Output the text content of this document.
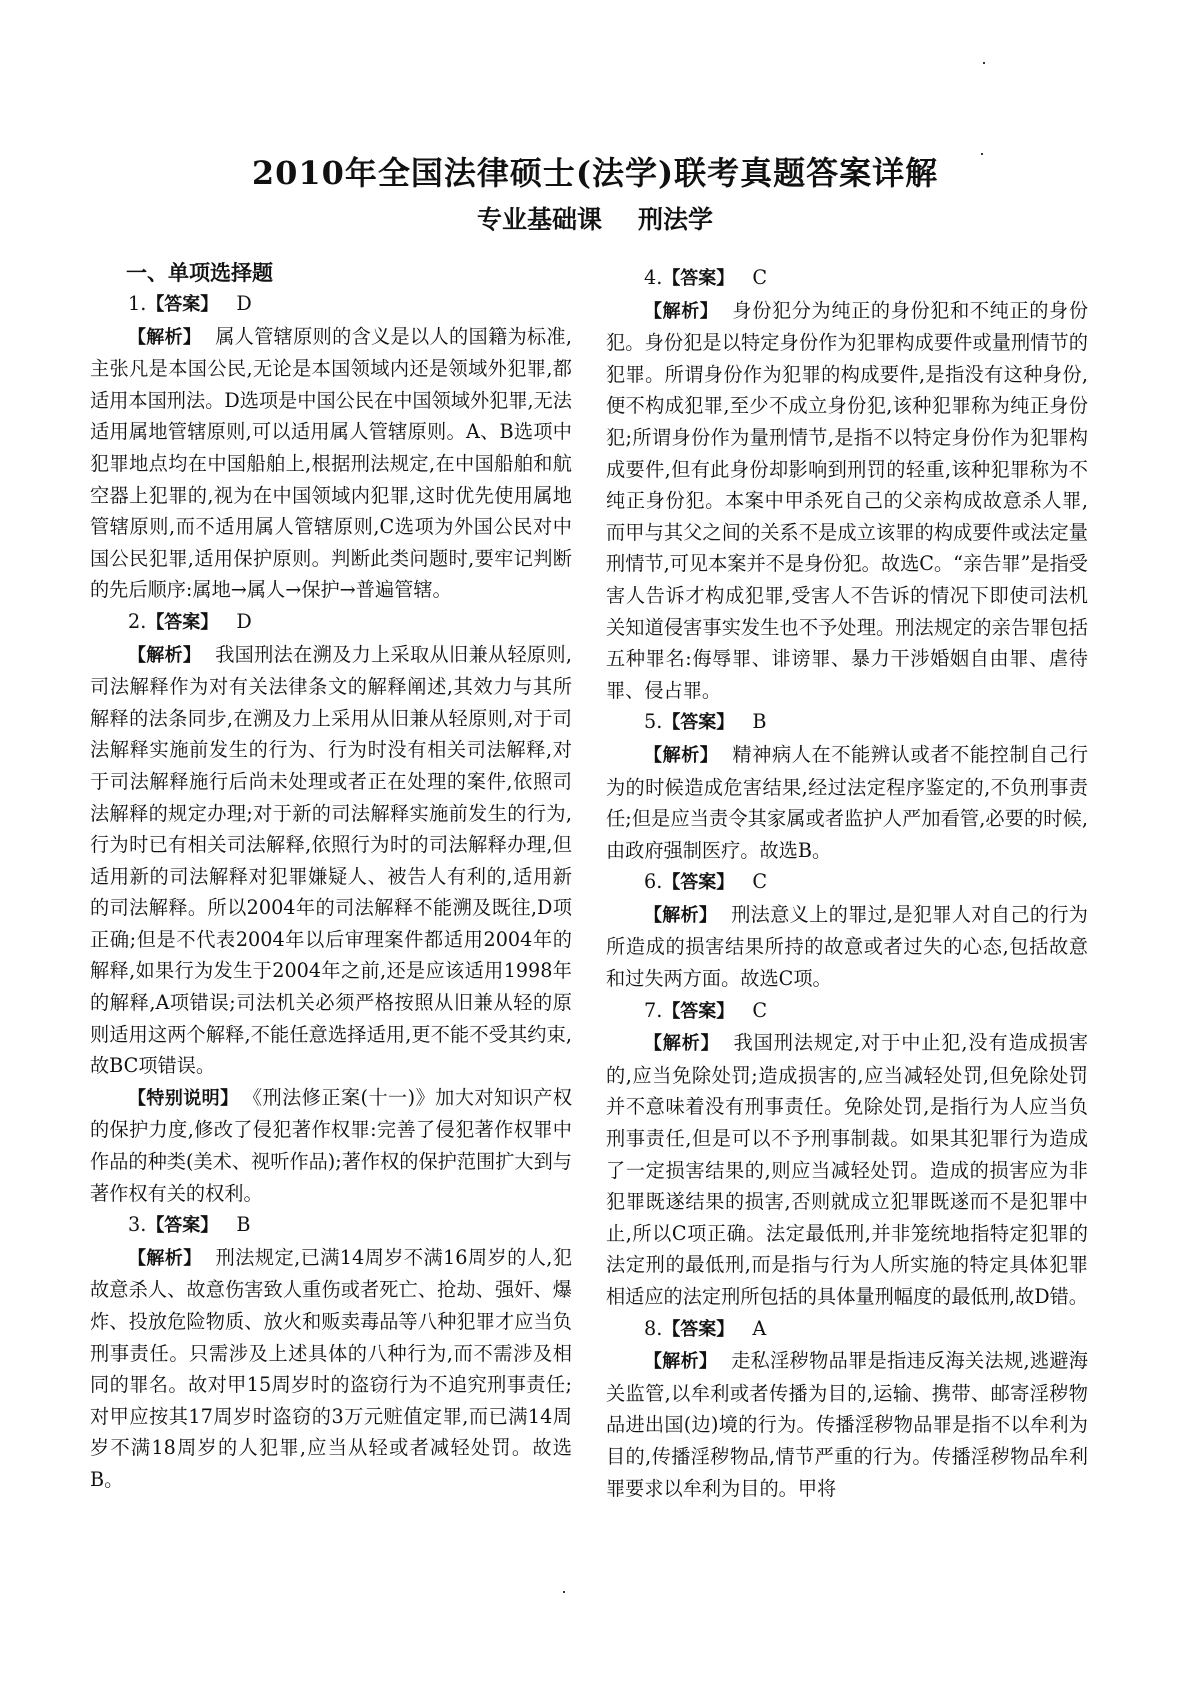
2010年全国法律硕士(法学)联考真题答案详解
专业基础课 刑法学
一、单项选择题
1.【答案】 D

【解析】 属人管辖原则的含义是以人的国籍为标准,主张凡是本国公民,无论是本国领域内还是领域外犯罪,都适用本国刑法。D选项是中国公民在中国领域外犯罪,无法适用属地管辖原则,可以适用属人管辖原则。A、B选项中犯罪地点均在中国船舶上,根据刑法规定,在中国船舶和航空器上犯罪的,视为在中国领域内犯罪,这时优先使用属地管辖原则,而不适用属人管辖原则,C选项为外国公民对中国公民犯罪,适用保护原则。判断此类问题时,要牢记判断的先后顺序:属地→属人→保护→普遍管辖。

2.【答案】 D

【解析】 我国刑法在溯及力上采取从旧兼从轻原则,司法解释作为对有关法律条文的解释阐述,其效力与其所解释的法条同步,在溯及力上采用从旧兼从轻原则,对于司法解释实施前发生的行为、行为时没有相关司法解释,对于司法解释施行后尚未处理或者正在处理的案件,依照司法解释的规定办理;对于新的司法解释实施前发生的行为,行为时已有相关司法解释,依照行为时的司法解释办理,但适用新的司法解释对犯罪嫌疑人、被告人有利的,适用新的司法解释。所以2004年的司法解释不能溯及既往,D项正确;但是不代表2004年以后审理案件都适用2004年的解释,如果行为发生于2004年之前,还是应该适用1998年的解释,A项错误;司法机关必须严格按照从旧兼从轻的原则适用这两个解释,不能任意选择适用,更不能不受其约束,故BC项错误。

【特别说明】 《刑法修正案(十一)》加大对知识产权的保护力度,修改了侵犯著作权罪:完善了侵犯著作权罪中作品的种类(美术、视听作品);著作权的保护范围扩大到与著作权有关的权利。

3.【答案】 B

【解析】 刑法规定,已满14周岁不满16周岁的人,犯故意杀人、故意伤害致人重伤或者死亡、抢劫、强奸、爆炸、投放危险物质、放火和贩卖毒品等八种犯罪才应当负刑事责任。只需涉及上述具体的八种行为,而不需涉及相同的罪名。故对甲15周岁时的盗窃行为不追究刑事责任;对甲应按其17周岁时盗窃的3万元赃值定罪,而已满14周岁不满18周岁的人犯罪,应当从轻或者减轻处罚。故选B。

4.【答案】 C

【解析】 身份犯分为纯正的身份犯和不纯正的身份犯。身份犯是以特定身份作为犯罪构成要件或量刑情节的犯罪。所谓身份作为犯罪的构成要件,是指没有这种身份,便不构成犯罪,至少不成立身份犯,该种犯罪称为纯正身份犯;所谓身份作为量刑情节,是指不以特定身份作为犯罪构成要件,但有此身份却影响到刑罚的轻重,该种犯罪称为不纯正身份犯。本案中甲杀死自己的父亲构成故意杀人罪,而甲与其父之间的关系不是成立该罪的构成要件或法定量刑情节,可见本案并不是身份犯。故选C。“亲告罪”是指受害人告诉才构成犯罪,受害人不告诉的情况下即使司法机关知道侵害事实发生也不予处理。刑法规定的亲告罪包括五种罪名:侮辱罪、诽谤罪、暴力干涉婚姻自由罪、虐待罪、侵占罪。

5.【答案】 B

【解析】 精神病人在不能辨认或者不能控制自己行为的时候造成危害结果,经过法定程序鉴定的,不负刑事责任;但是应当责令其家属或者监护人严加看管,必要的时候,由政府强制医疗。故选B。

6.【答案】 C

【解析】 刑法意义上的罪过,是犯罪人对自己的行为所造成的损害结果所持的故意或者过失的心态,包括故意和过失两方面。故选C项。

7.【答案】 C

【解析】 我国刑法规定,对于中止犯,没有造成损害的,应当免除处罚;造成损害的,应当减轻处罚,但免除处罚并不意味着没有刑事责任。免除处罚,是指行为人应当负刑事责任,但是可以不予刑事制裁。如果其犯罪行为造成了一定损害结果的,则应当减轻处罚。造成的损害应为非犯罪既遂结果的损害,否则就成立犯罪既遂而不是犯罪中止,所以C项正确。法定最低刑,并非笼统地指特定犯罪的法定刑的最低刑,而是指与行为人所实施的特定具体犯罪相适应的法定刑所包括的具体量刑幅度的最低刑,故D错。

8.【答案】 A

【解析】 走私淫秽物品罪是指违反海关法规,逃避海关监管,以牟利或者传播为目的,运输、携带、邮寄淫秽物品进出国(边)境的行为。传播淫秽物品罪是指不以牟利为目的,传播淫秽物品,情节严重的行为。传播淫秽物品牟利罪要求以牟利为目的。甲将
